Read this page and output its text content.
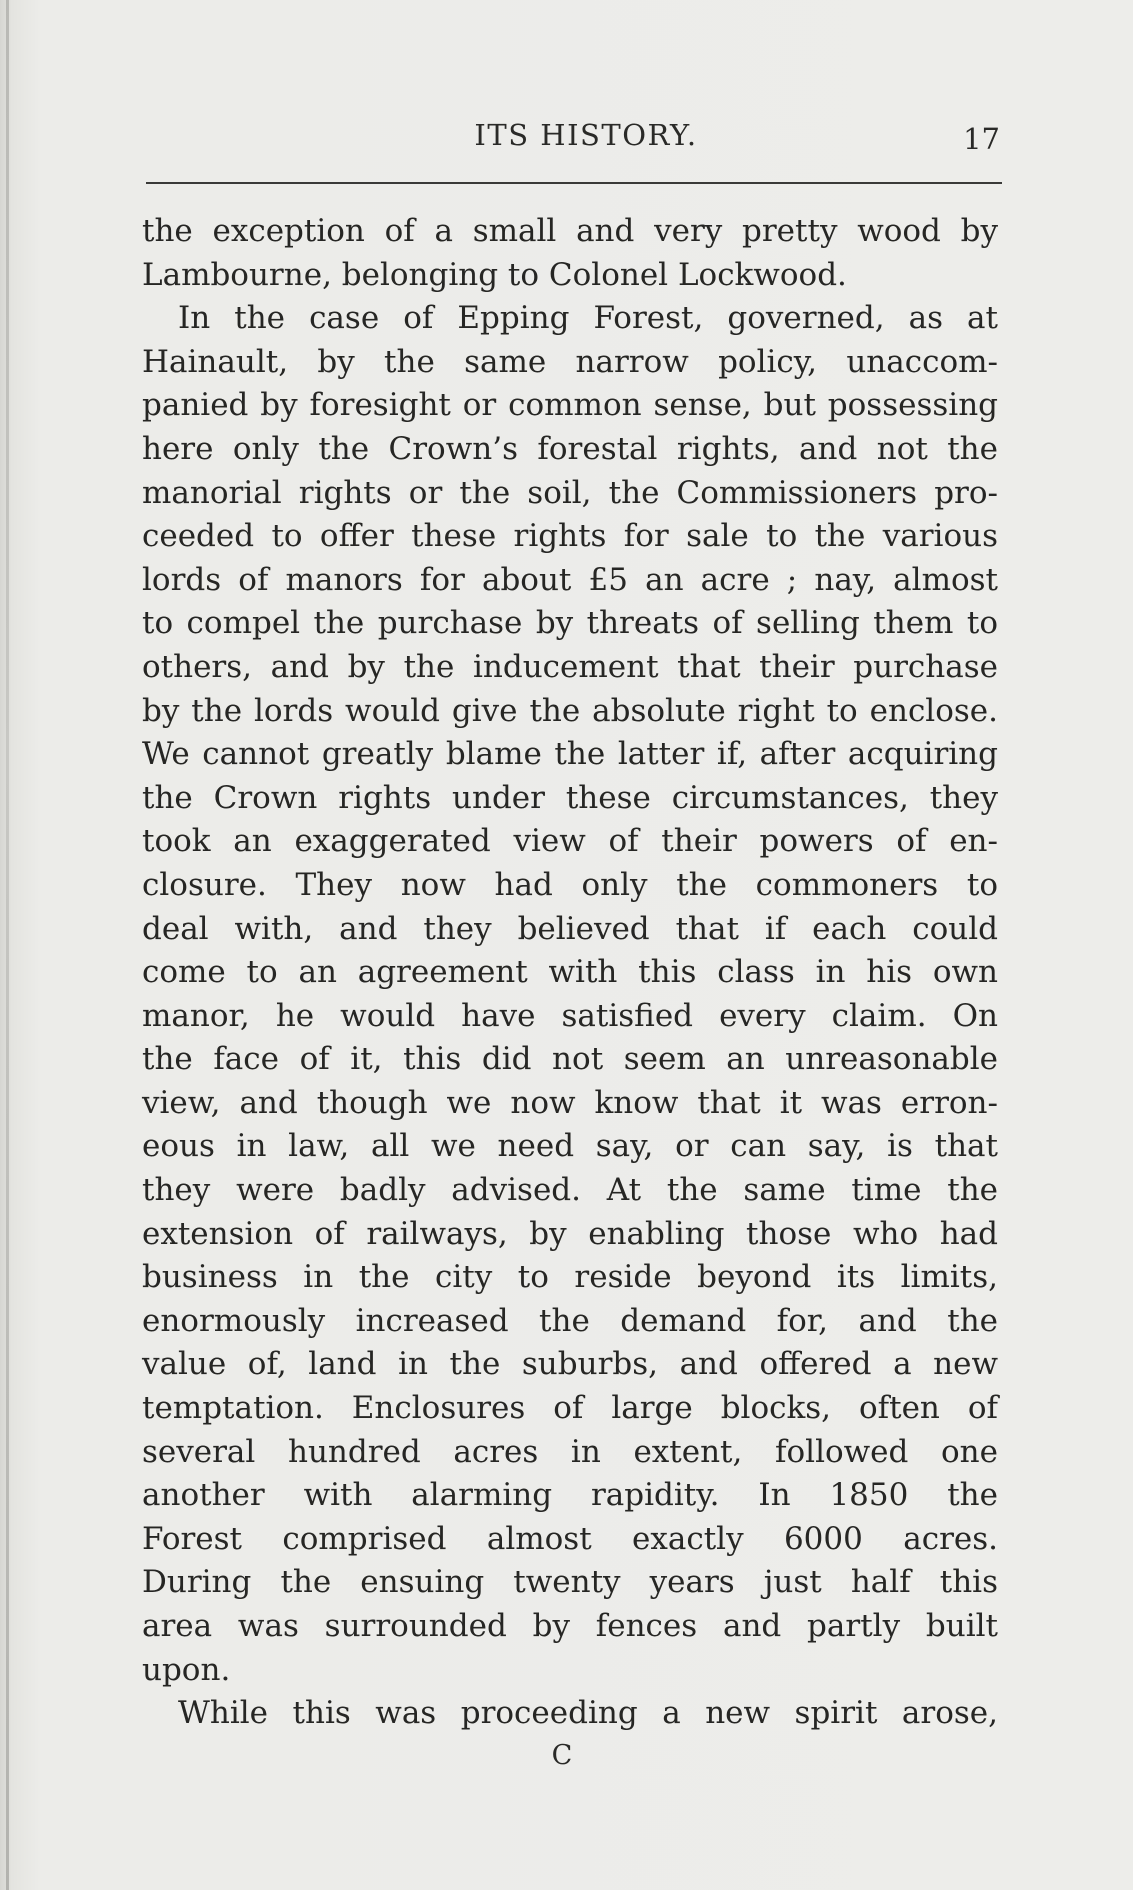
ITS HISTORY.	17
the exception of a small and very pretty wood by
Lambourne, belonging to Colonel Lockwood.
In the case of Epping Forest, governed, as at
Hainault, by the same narrow policy, unaccom-
panied by foresight or common sense, but possessing
here only the Crown’s forestal rights, and not the
manorial rights or the soil, the Commissioners pro-
ceeded to offer these rights for sale to the various
lords of manors for about £5 an acre ; nay, almost
to compel the purchase by threats of selling them to
others, and by the inducement that their purchase
by the lords would give the absolute right to enclose.
We cannot greatly blame the latter if, after acquiring
the Crown rights under these circumstances, they
took an exaggerated view of their powers of en-
closure. They now had only the commoners to
deal with, and they believed that if each could
come to an agreement with this class in his own
manor, he would have satisfied every claim. On
the face of it, this did not seem an unreasonable
view, and though we now know that it was erron-
eous in law, all we need say, or can say, is that
they were badly advised. At the same time the
extension of railways, by enabling those who had
business in the city to reside beyond its limits,
enormously increased the demand for, and the
value of, land in the suburbs, and offered a new
temptation. Enclosures of large blocks, often of
several hundred acres in extent, followed one
another with alarming rapidity. In 1850 the
Forest comprised almost exactly 6000 acres.
During the ensuing twenty years just half this
area was surrounded by fences and partly built
upon.
While this was proceeding a new spirit arose,
C
